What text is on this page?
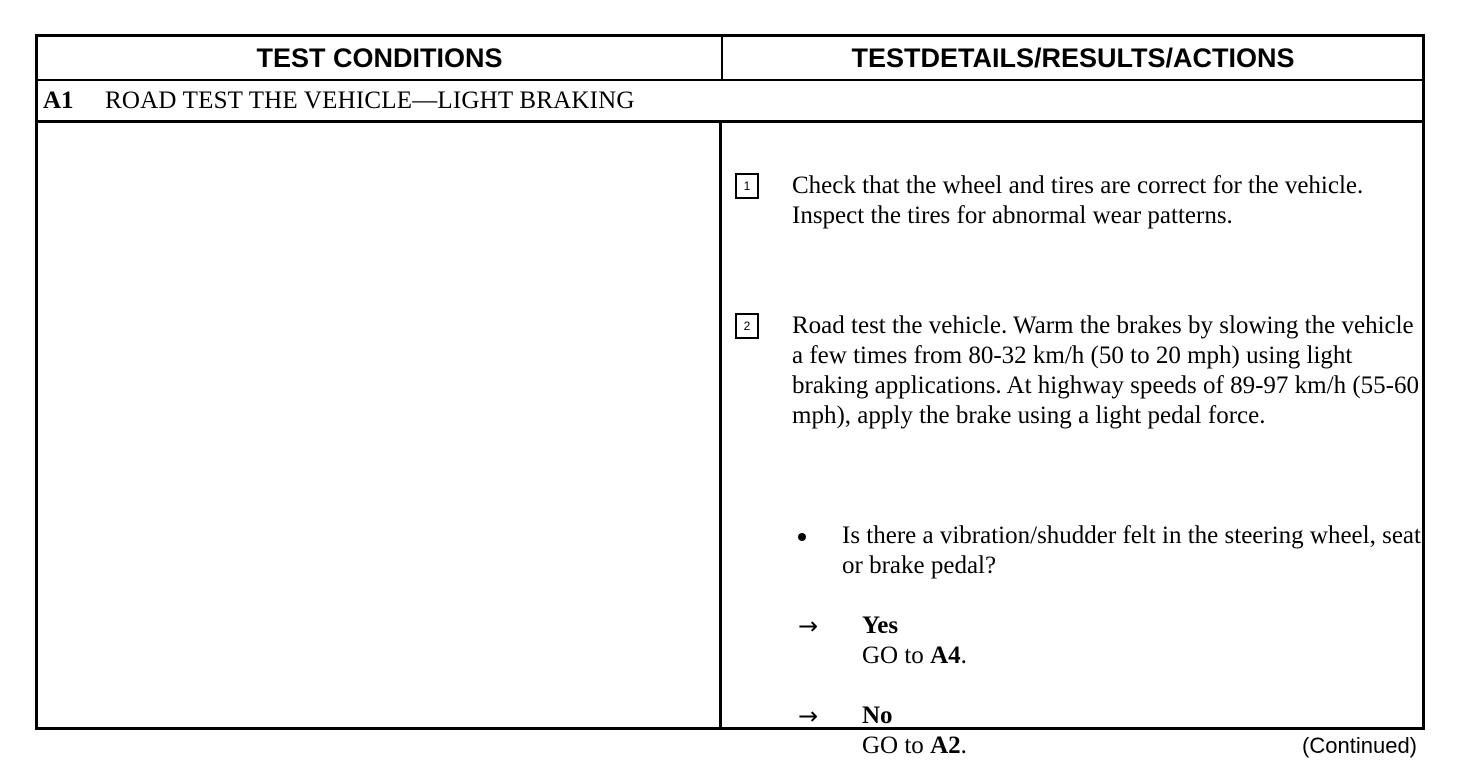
TEST CONDITIONS	TESTDETAILS/RESULTS/ACTIONS
A1	ROAD TEST THE VEHICLE—LIGHT BRAKING
1	Check that the wheel and tires are correct for the vehicle. Inspect the tires for abnormal wear patterns.
2	Road test the vehicle. Warm the brakes by slowing the vehicle a few times from 80-32 km/h (50 to 20 mph) using light braking applications. At highway speeds of 89-97 km/h (55-60 mph), apply the brake using a light pedal force.
Is there a vibration/shudder felt in the steering wheel, seat or brake pedal?
→ Yes
GO to A4.
→ No
GO to A2.	(Continued)
